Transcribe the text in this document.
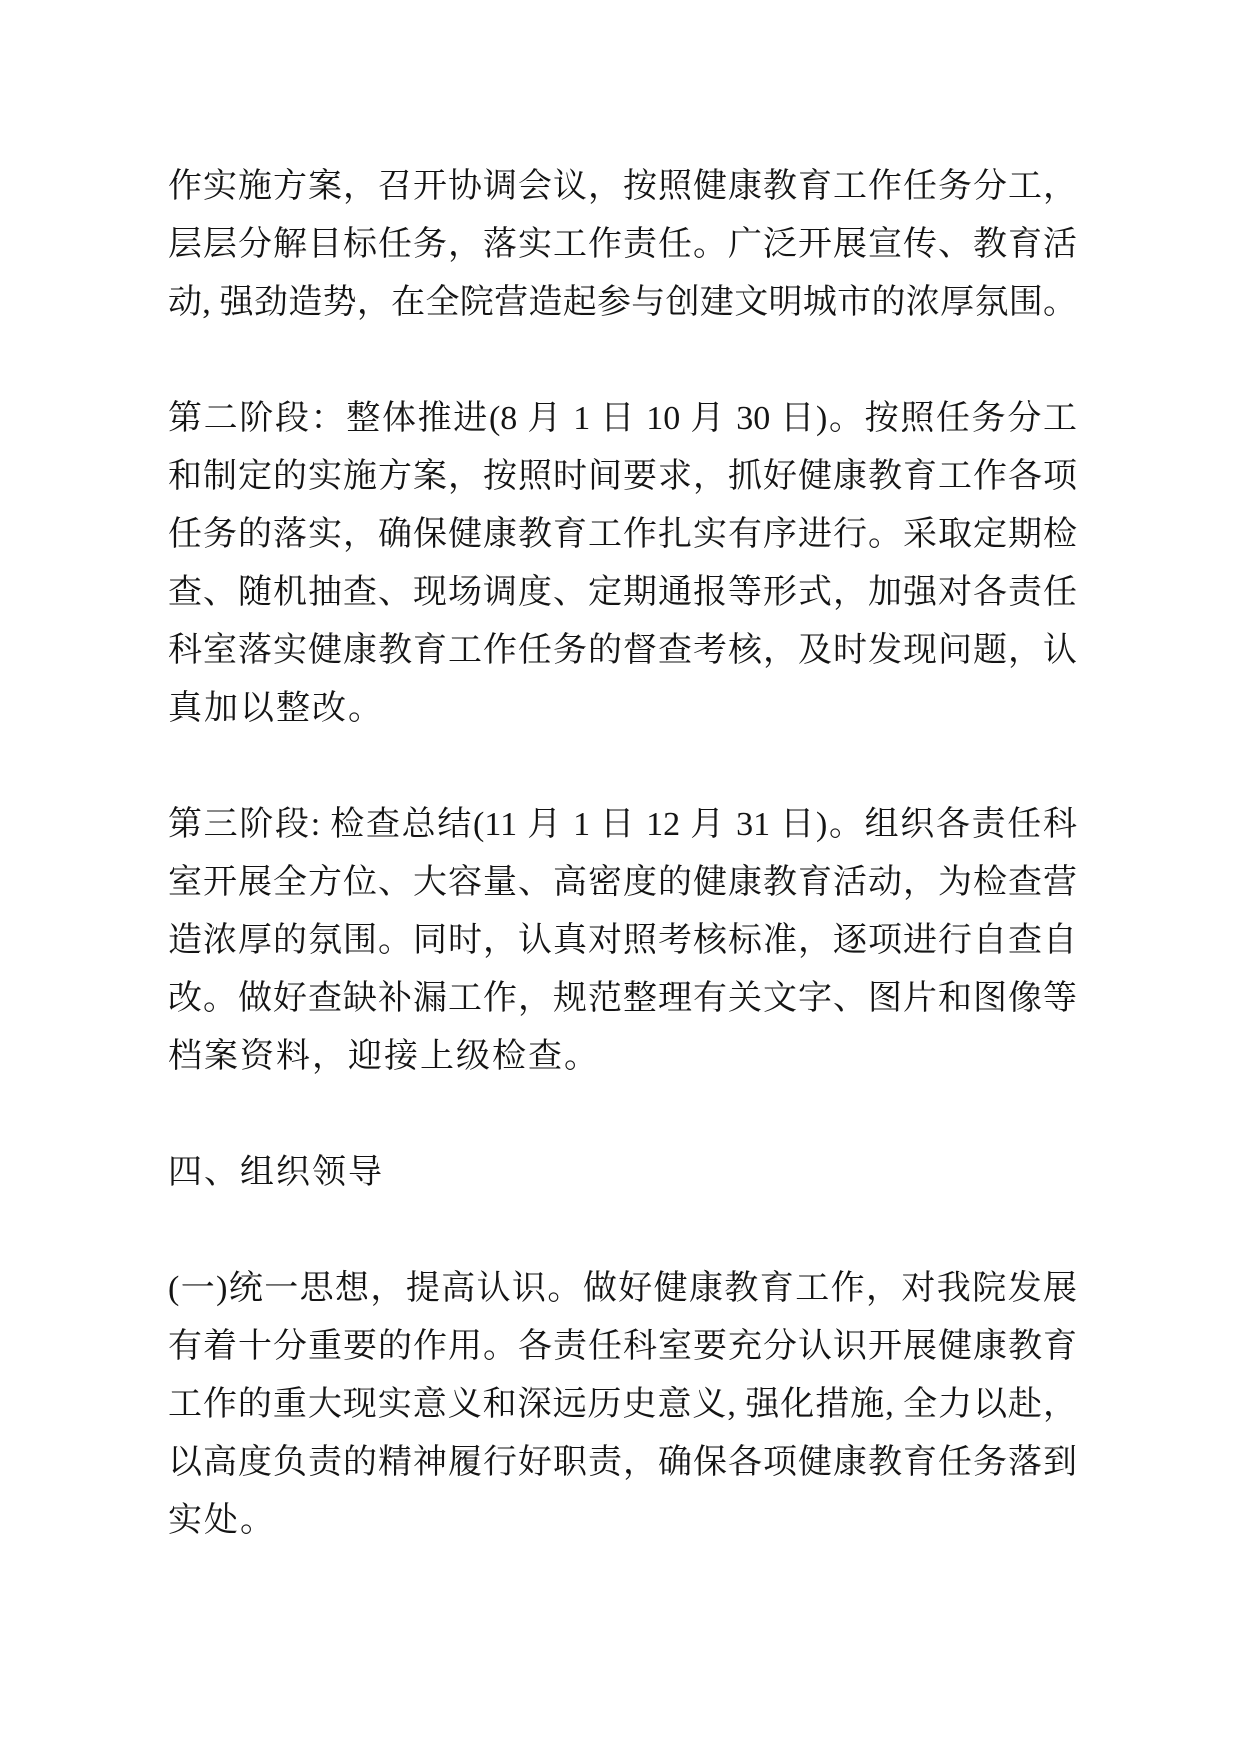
作实施方案，召开协调会议，按照健康教育工作任务分工，
层层分解目标任务，落实工作责任。广泛开展宣传、教育活
动, 强劲造势，在全院营造起参与创建文明城市的浓厚氛围。

第二阶段：整体推进(8 月 1 日 10 月 30 日)。按照任务分工
和制定的实施方案，按照时间要求，抓好健康教育工作各项
任务的落实，确保健康教育工作扎实有序进行。采取定期检
查、随机抽查、现场调度、定期通报等形式，加强对各责任
科室落实健康教育工作任务的督查考核，及时发现问题，认
真加以整改。

第三阶段: 检查总结(11 月 1 日 12 月 31 日)。组织各责任科
室开展全方位、大容量、高密度的健康教育活动，为检查营
造浓厚的氛围。同时，认真对照考核标准，逐项进行自查自
改。做好查缺补漏工作，规范整理有关文字、图片和图像等
档案资料，迎接上级检查。

四、组织领导

(一)统一思想，提高认识。做好健康教育工作，对我院发展
有着十分重要的作用。各责任科室要充分认识开展健康教育
工作的重大现实意义和深远历史意义, 强化措施, 全力以赴，
以高度负责的精神履行好职责，确保各项健康教育任务落到
实处。
